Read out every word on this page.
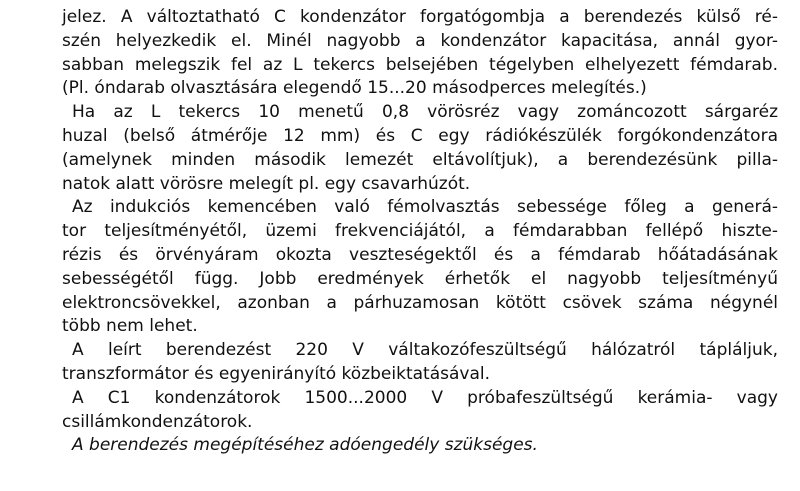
jelez. A változtatható C kondenzátor forgatógombja a berendezés külső ré-
szén helyezkedik el. Minél nagyobb a kondenzátor kapacitása, annál gyor-
sabban melegszik fel az L tekercs belsejében tégelyben elhelyezett fémdarab.
(Pl. óndarab olvasztására elegendő 15...20 másodperces melegítés.)

Ha az L tekercs 10 menetű 0,8 vörösréz vagy zománcozott sárgaréz
huzal (belső átmérője 12 mm) és C egy rádiókészülék forgókondenzátora
(amelynek minden második lemezét eltávolítjuk), a berendezésünk pilla-
natok alatt vörösre melegít pl. egy csavarhúzót.

Az indukciós kemencében való fémolvasztás sebessége főleg a generá-
tor teljesítményétől, üzemi frekvenciájától, a fémdarabban fellépő hiszte-
rézis és örvényáram okozta veszteségektől és a fémdarab hőátadásának
sebességétől függ. Jobb eredmények érhetők el nagyobb teljesítményű
elektroncsövekkel, azonban a párhuzamosan kötött csövek száma négynél
több nem lehet.

A leírt berendezést 220 V váltakozófeszültségű hálózatról tápláljuk,
transzformátor és egyenirányító közbeiktatásával.

A C1 kondenzátorok 1500...2000 V próbafeszültségű kerámia- vagy
csillámkondenzátorok.

A berendezés megépítéséhez adóengedély szükséges.
